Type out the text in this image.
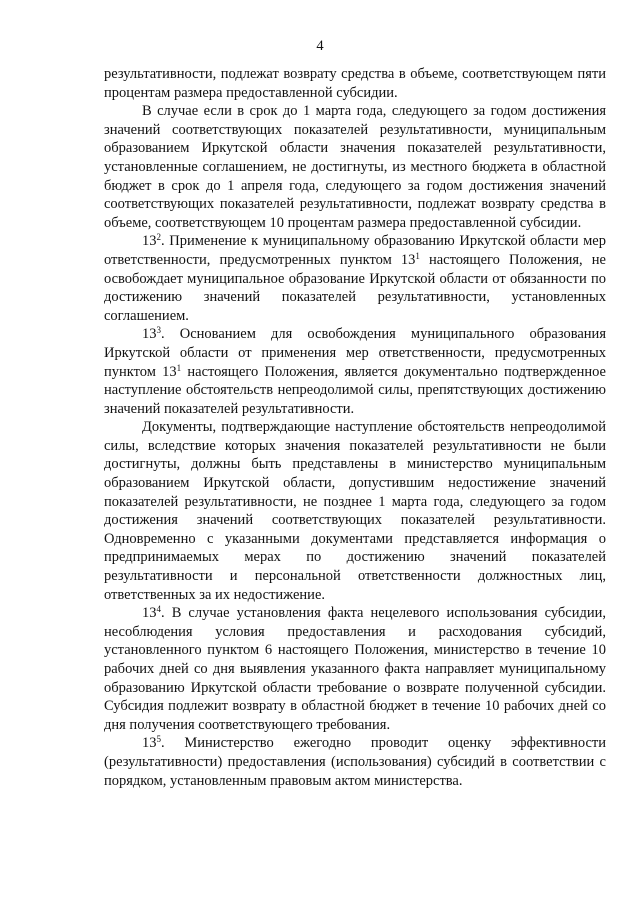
4

результативности, подлежат возврату средства в объеме, соответствующем пяти процентам размера предоставленной субсидии.

В случае если в срок до 1 марта года, следующего за годом достижения значений соответствующих показателей результативности, муниципальным образованием Иркутской области значения показателей результативности, установленные соглашением, не достигнуты, из местного бюджета в областной бюджет в срок до 1 апреля года, следующего за годом достижения значений соответствующих показателей результативности, подлежат возврату средства в объеме, соответствующем 10 процентам размера предоставленной субсидии.

$13^2$. Применение к муниципальному образованию Иркутской области мер ответственности, предусмотренных пунктом $13^1$ настоящего Положения, не освобождает муниципальное образование Иркутской области от обязанности по достижению значений показателей результативности, установленных соглашением.

$13^3$. Основанием для освобождения муниципального образования Иркутской области от применения мер ответственности, предусмотренных пунктом $13^1$ настоящего Положения, является документально подтвержденное наступление обстоятельств непреодолимой силы, препятствующих достижению значений показателей результативности.

Документы, подтверждающие наступление обстоятельств непреодолимой силы, вследствие которых значения показателей результативности не были достигнуты, должны быть представлены в министерство муниципальным образованием Иркутской области, допустившим недостижение значений показателей результативности, не позднее 1 марта года, следующего за годом достижения значений соответствующих показателей результативности. Одновременно с указанными документами представляется информация о предпринимаемых мерах по достижению значений показателей результативности и персональной ответственности должностных лиц, ответственных за их недостижение.

$13^4$. В случае установления факта нецелевого использования субсидии, несоблюдения условия предоставления и расходования субсидий, установленного пунктом 6 настоящего Положения, министерство в течение 10 рабочих дней со дня выявления указанного факта направляет муниципальному образованию Иркутской области требование о возврате полученной субсидии. Субсидия подлежит возврату в областной бюджет в течение 10 рабочих дней со дня получения соответствующего требования.

$13^5$. Министерство ежегодно проводит оценку эффективности (результативности) предоставления (использования) субсидий в соответствии с порядком, установленным правовым актом министерства.
